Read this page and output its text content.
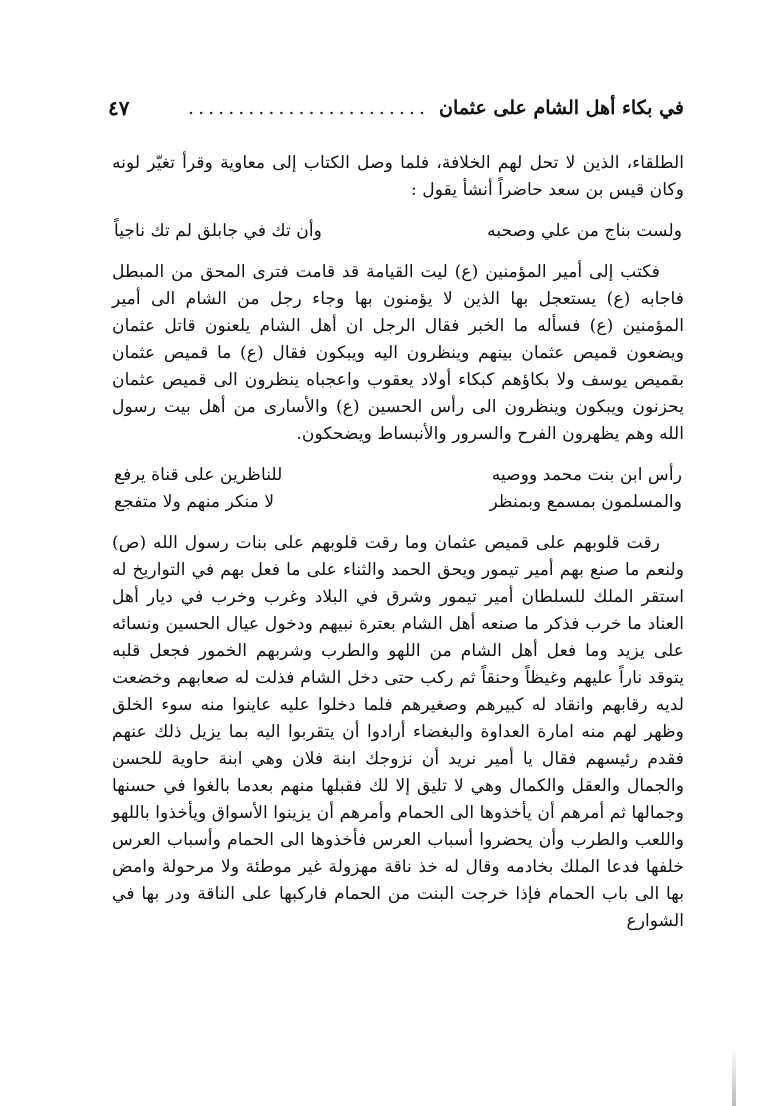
في بكاء أهل الشام على عثمان
........................
٤٧

الطلقاء، الذين لا تحل لهم الخلافة، فلما وصل الكتاب إلى معاوية وقرأ تغيّر لونه وكان قيس بن سعد حاضراً أنشأ يقول :

ولست بناج من علي وصحبه
وأن تك في جابلق لم تك ناجياً

فكتب إلى أمير المؤمنين (ع) ليت القيامة قد قامت فترى المحق من المبطل فاجابه (ع) يستعجل بها الذين لا يؤمنون بها وجاء رجل من الشام الى أمير المؤمنين (ع) فسأله ما الخبر فقال الرجل ان أهل الشام يلعنون قاتل عثمان ويضعون قميص عثمان بينهم وينظرون اليه ويبكون فقال (ع) ما قميص عثمان بقميص يوسف ولا بكاؤهم كبكاء أولاد يعقوب واعجباه ينظرون الى قميص عثمان يحزنون ويبكون وينظرون الى رأس الحسين (ع) والأسارى من أهل بيت رسول الله وهم يظهرون الفرح والسرور والأنبساط ويضحكون.

رأس ابن بنت محمد ووصيه
للناظرين على قناة يرفع
والمسلمون بمسمع وبمنظر
لا منكر منهم ولا متفجع

رقت قلوبهم على قميص عثمان وما رقت قلوبهم على بنات رسول الله (ص) ولنعم ما صنع بهم أمير تيمور ويحق الحمد والثناء على ما فعل بهم في التواريخ له استقر الملك للسلطان أمير تيمور وشرق في البلاد وغرب وخرب في ديار أهل العناد ما خرب فذكر ما صنعه أهل الشام بعترة نبيهم ودخول عيال الحسين ونسائه على يزيد وما فعل أهل الشام من اللهو والطرب وشربهم الخمور فجعل قلبه يتوقد ناراً عليهم وغيظاً وحنقاً ثم ركب حتى دخل الشام فذلت له صعابهم وخضعت لديه رقابهم وانقاد له كبيرهم وصغيرهم فلما دخلوا عليه عاينوا منه سوء الخلق وظهر لهم منه امارة العداوة والبغضاء أرادوا أن يتقربوا اليه بما يزيل ذلك عنهم فقدم رئيسهم فقال يا أمير نريد أن نزوجك ابنة فلان وهي ابنة حاوية للحسن والجمال والعقل والكمال وهي لا تليق إلا لك فقبلها منهم بعدما بالغوا في حسنها وجمالها ثم أمرهم أن يأخذوها الى الحمام وأمرهم أن يزينوا الأسواق ويأخذوا باللهو واللعب والطرب وأن يحضروا أسباب العرس فأخذوها الى الحمام وأسباب العرس خلفها فدعا الملك بخادمه وقال له خذ ناقة مهزولة غير موطئة ولا مرحولة وامض بها الى باب الحمام فإذا خرجت البنت من الحمام فاركبها على الناقة ودر بها في الشوارع
